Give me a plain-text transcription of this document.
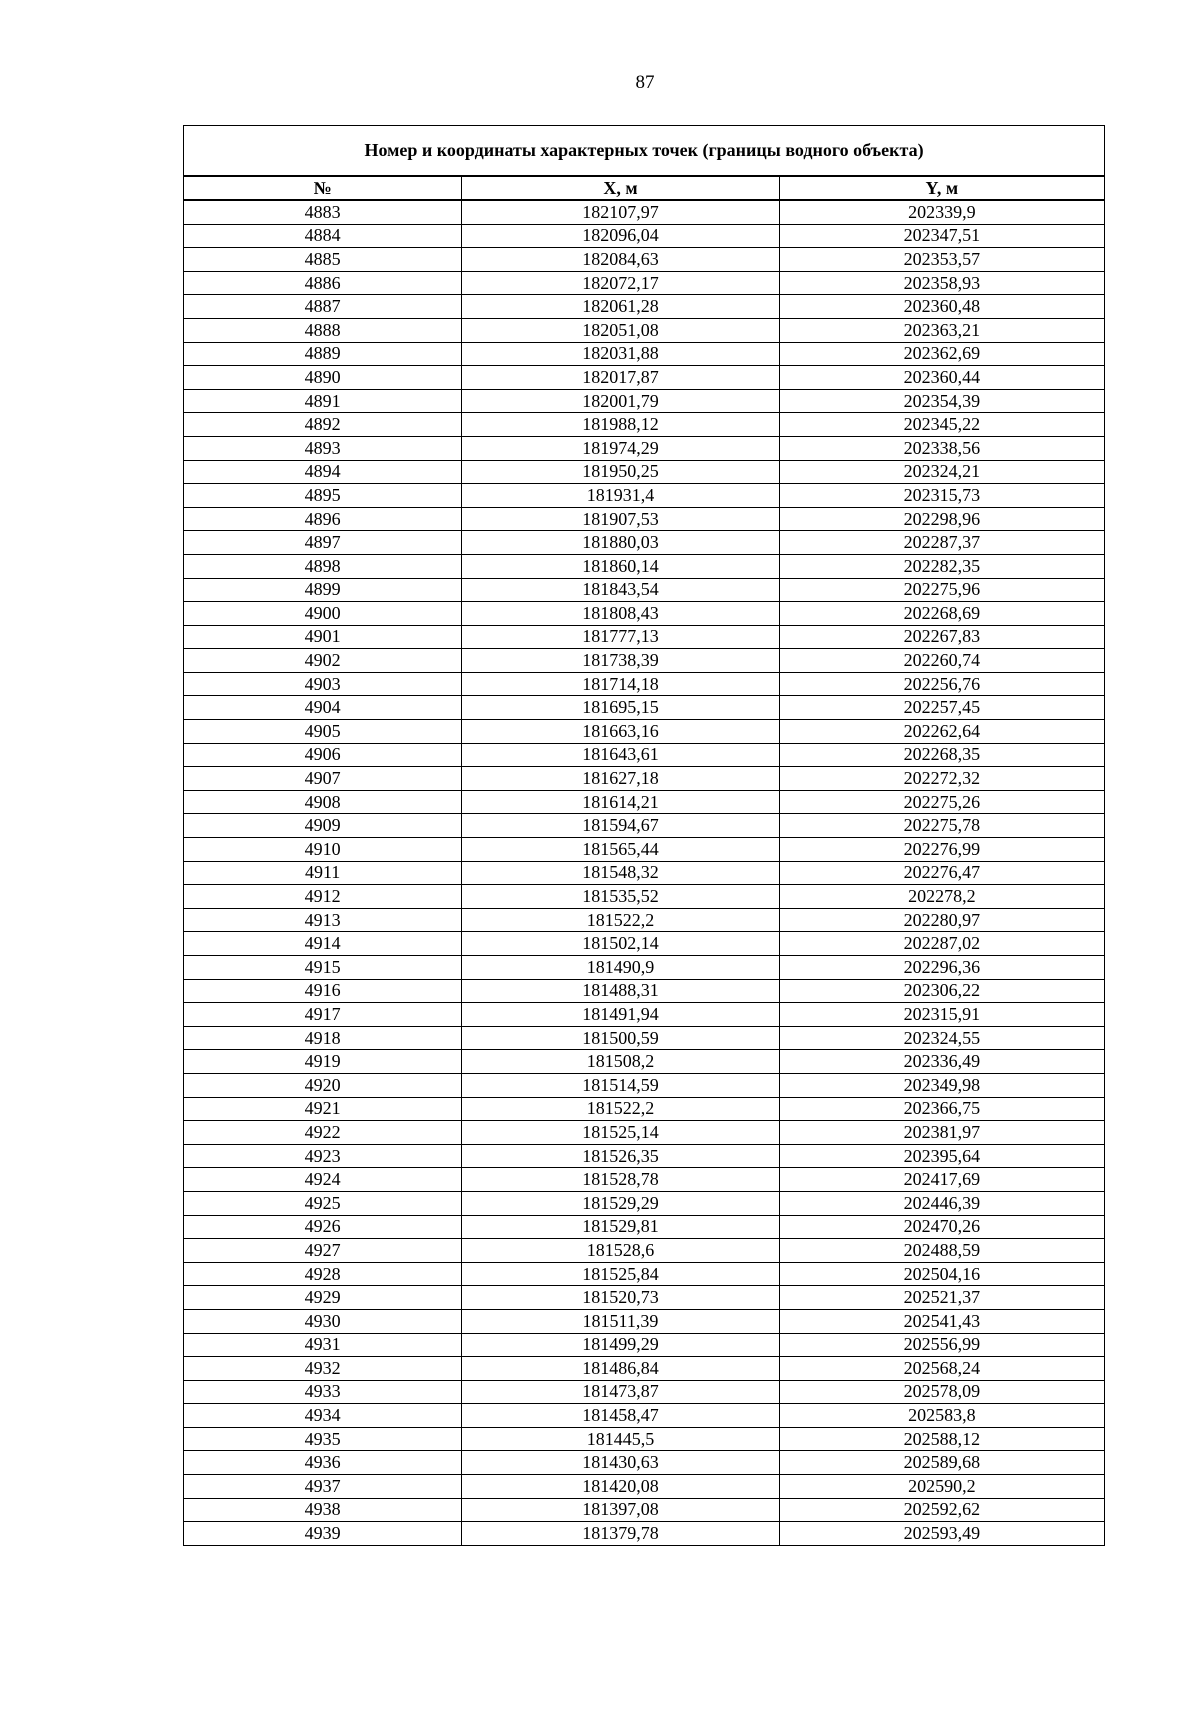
87
Номер и координаты характерных точек (границы водного объекта)		
№	X, м	Y, м
4883	182107,97	202339,9
4884	182096,04	202347,51
4885	182084,63	202353,57
4886	182072,17	202358,93
4887	182061,28	202360,48
4888	182051,08	202363,21
4889	182031,88	202362,69
4890	182017,87	202360,44
4891	182001,79	202354,39
4892	181988,12	202345,22
4893	181974,29	202338,56
4894	181950,25	202324,21
4895	181931,4	202315,73
4896	181907,53	202298,96
4897	181880,03	202287,37
4898	181860,14	202282,35
4899	181843,54	202275,96
4900	181808,43	202268,69
4901	181777,13	202267,83
4902	181738,39	202260,74
4903	181714,18	202256,76
4904	181695,15	202257,45
4905	181663,16	202262,64
4906	181643,61	202268,35
4907	181627,18	202272,32
4908	181614,21	202275,26
4909	181594,67	202275,78
4910	181565,44	202276,99
4911	181548,32	202276,47
4912	181535,52	202278,2
4913	181522,2	202280,97
4914	181502,14	202287,02
4915	181490,9	202296,36
4916	181488,31	202306,22
4917	181491,94	202315,91
4918	181500,59	202324,55
4919	181508,2	202336,49
4920	181514,59	202349,98
4921	181522,2	202366,75
4922	181525,14	202381,97
4923	181526,35	202395,64
4924	181528,78	202417,69
4925	181529,29	202446,39
4926	181529,81	202470,26
4927	181528,6	202488,59
4928	181525,84	202504,16
4929	181520,73	202521,37
4930	181511,39	202541,43
4931	181499,29	202556,99
4932	181486,84	202568,24
4933	181473,87	202578,09
4934	181458,47	202583,8
4935	181445,5	202588,12
4936	181430,63	202589,68
4937	181420,08	202590,2
4938	181397,08	202592,62
4939	181379,78	202593,49
